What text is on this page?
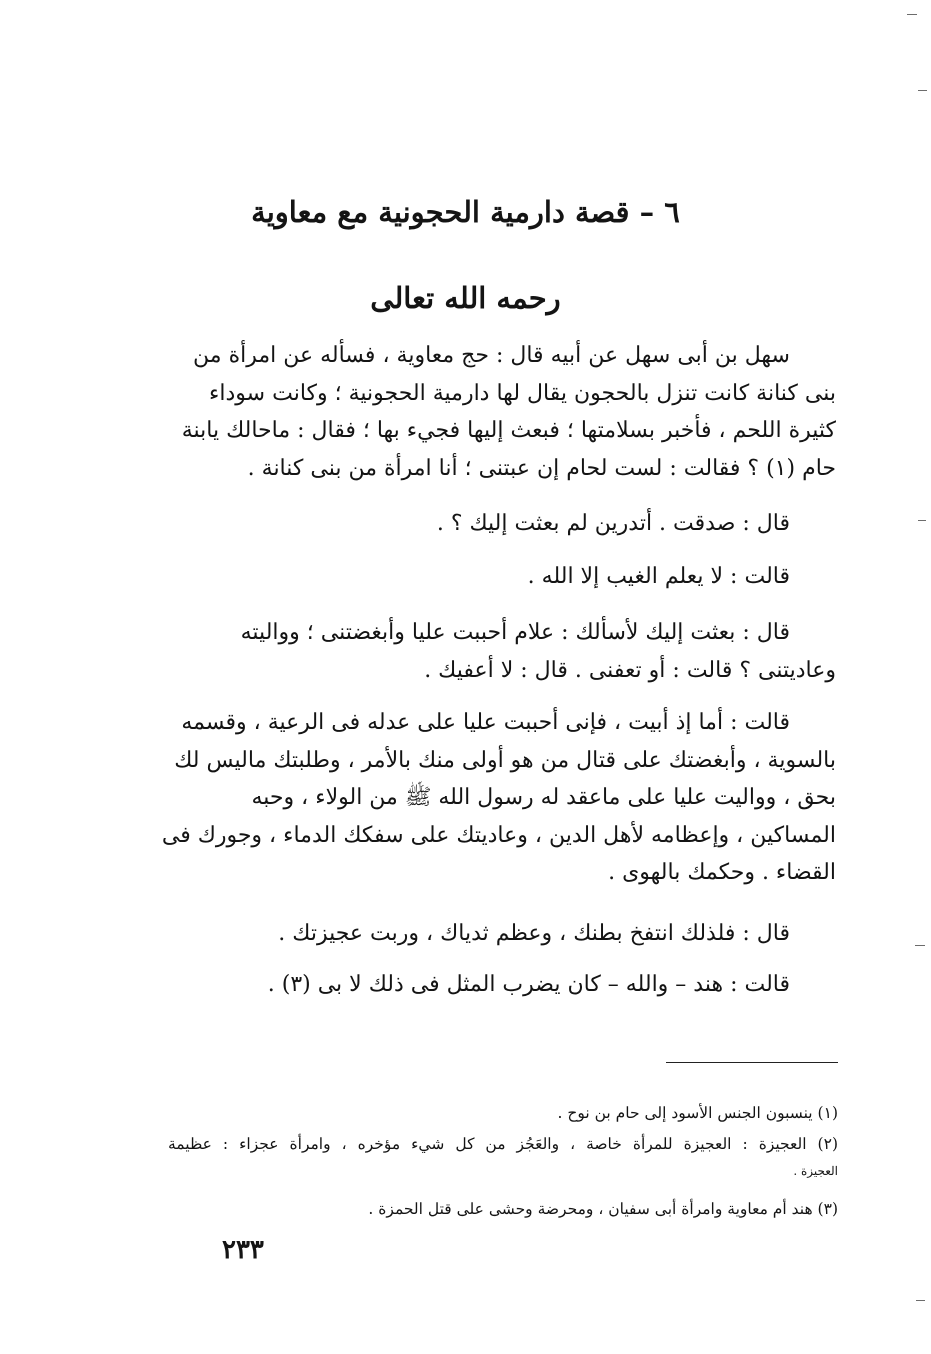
٦ – قصة دارمية الحجونية مع معاوية
رحمه الله تعالى

سهل بن أبى سهل عن أبيه قال : حج معاوية ، فسأله عن امرأة من
بنى كنانة كانت تنزل بالحجون يقال لها دارمية الحجونية ؛ وكانت سوداء
كثيرة اللحم ، فأخبر بسلامتها ؛ فبعث إليها فجيء بها ؛ فقال : ماحالك يابنة
حام (١) ؟ فقالت : لست لحام إن عبتنى ؛ أنا امرأة من بنى كنانة .

قال : صدقت . أتدرين لم بعثت إليك ؟ .

قالت : لا يعلم الغيب إلا الله .

قال : بعثت إليك لأسألك : علام أحببت عليا وأبغضتنى ؛ وواليته
وعاديتنى ؟ قالت : أو تعفنى . قال : لا أعفيك .

قالت : أما إذ أبيت ، فإنى أحببت عليا على عدله فى الرعية ، وقسمه
بالسوية ، وأبغضتك على قتال من هو أولى منك بالأمر ، وطلبتك ماليس لك
بحق ، وواليت عليا على ماعقد له رسول الله ﷺ من الولاء ، وحبه
المساكين ، وإعظامه لأهل الدين ، وعاديتك على سفكك الدماء ، وجورك فى
القضاء . وحكمك بالهوى .

قال : فلذلك انتفخ بطنك ، وعظم ثدياك ، وربت عجيزتك .

قالت : هند – والله – كان يضرب المثل فى ذلك لا بى (٣) .

(١) ينسبون الجنس الأسود إلى حام بن نوح .

(٢) العجيزة : العجيزة للمرأة خاصة ، والعَجُز من كل شيء مؤخره ، وامرأة عجزاء : عظيمة

العجيزة .

(٣) هند أم معاوية وامرأة أبى سفيان ، ومحرضة وحشى على قتل الحمزة .

٢٣٣
